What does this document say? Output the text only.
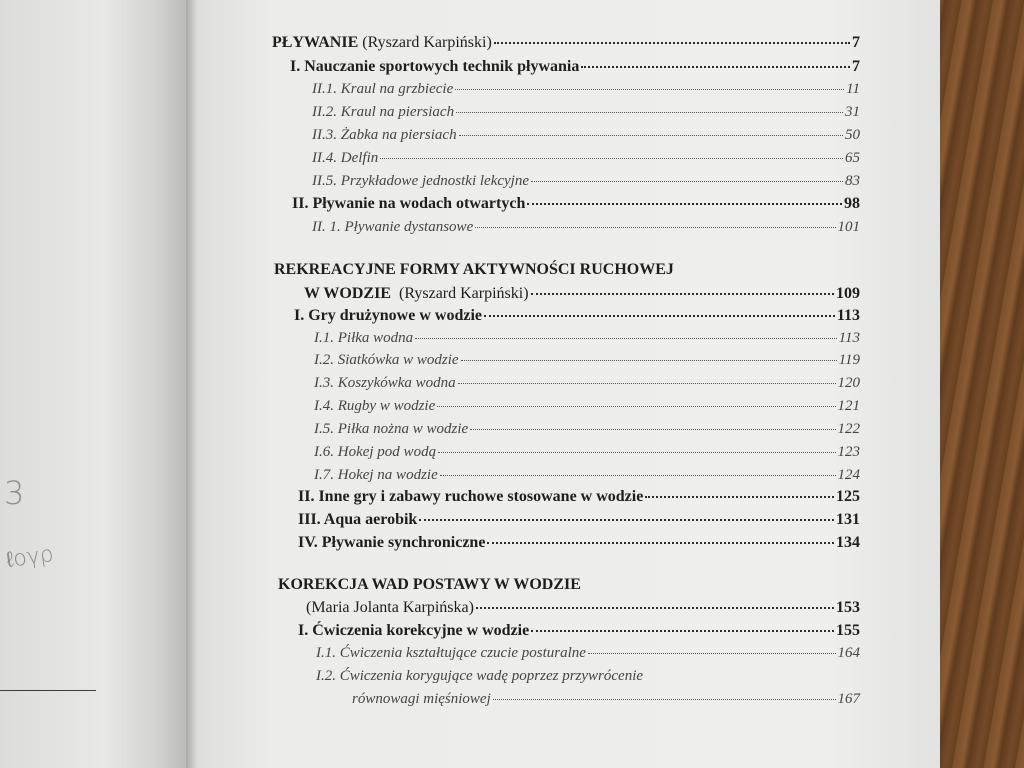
3
ℓογρ
PŁYWANIE (Ryszard Karpiński)	7
I. Nauczanie sportowych technik pływania	7
II.1. Kraul na grzbiecie	11
II.2. Kraul na piersiach	31
II.3. Żabka na piersiach	50
II.4. Delfin	65
II.5. Przykładowe jednostki lekcyjne	83
II. Pływanie na wodach otwartych	98
II. 1. Pływanie dystansowe	101
REKREACYJNE FORMY AKTYWNOŚCI RUCHOWEJ
W WODZIE (Ryszard Karpiński)	109
I. Gry drużynowe w wodzie	113
I.1. Piłka wodna	113
I.2. Siatkówka w wodzie	119
I.3. Koszykówka wodna	120
I.4. Rugby w wodzie	121
I.5. Piłka nożna w wodzie	122
I.6. Hokej pod wodą	123
I.7. Hokej na wodzie	124
II. Inne gry i zabawy ruchowe stosowane w wodzie	125
III. Aqua aerobik	131
IV. Pływanie synchroniczne	134
KOREKCJA WAD POSTAWY W WODZIE
(Maria Jolanta Karpińska)	153
I. Ćwiczenia korekcyjne w wodzie	155
I.1. Ćwiczenia kształtujące czucie posturalne	164
I.2. Ćwiczenia korygujące wadę poprzez przywrócenie
równowagi mięśniowej	167
